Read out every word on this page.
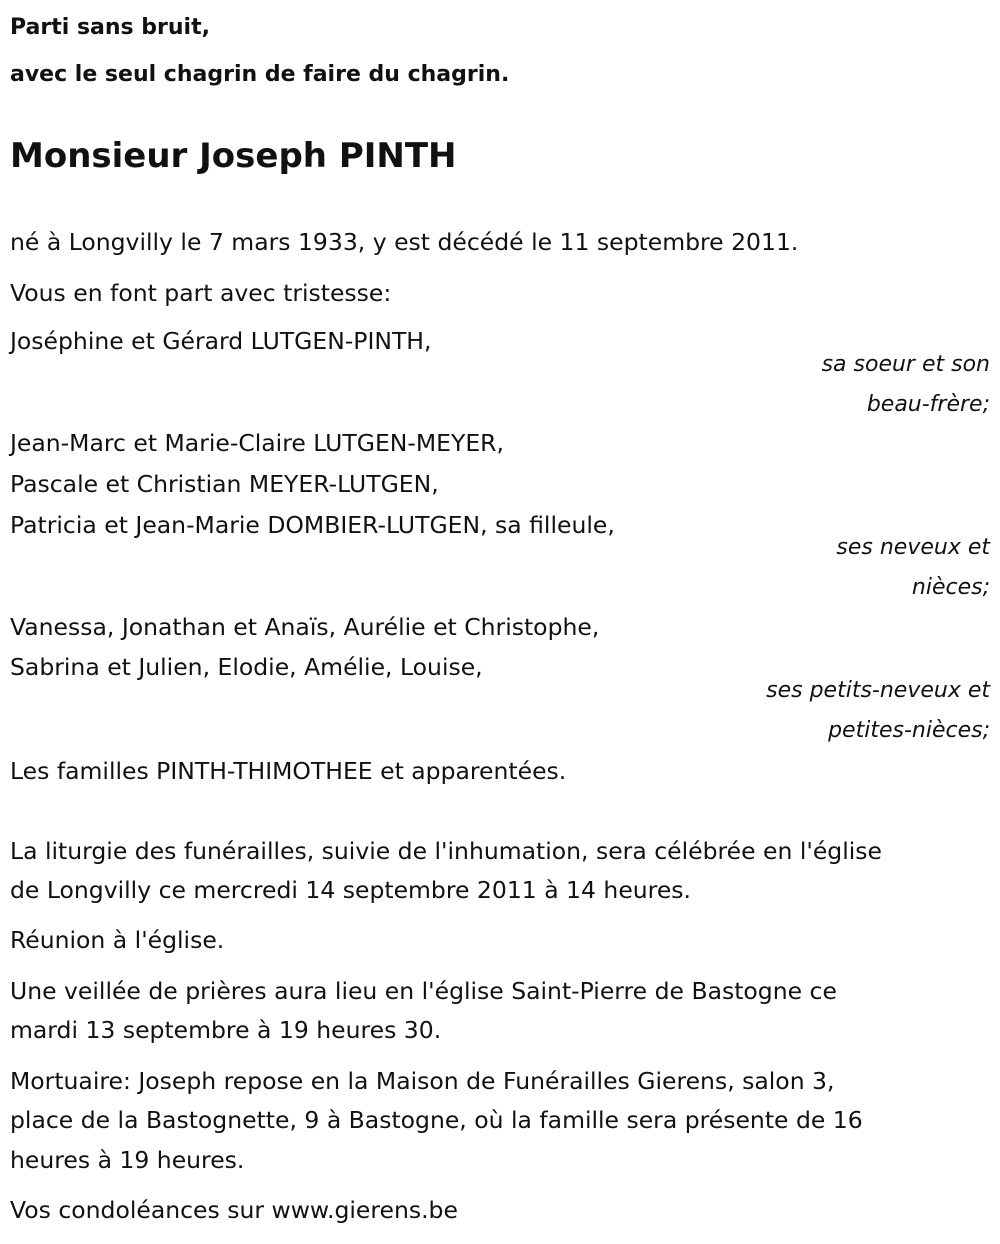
Parti sans bruit,
avec le seul chagrin de faire du chagrin.
Monsieur Joseph PINTH
né à Longvilly le 7 mars 1933, y est décédé le 11 septembre 2011.
Vous en font part avec tristesse:
Joséphine et Gérard LUTGEN-PINTH,
sa soeur et son
beau-frère;
Jean-Marc et Marie-Claire LUTGEN-MEYER,
Pascale et Christian MEYER-LUTGEN,
Patricia et Jean-Marie DOMBIER-LUTGEN, sa filleule,
ses neveux et
nièces;
Vanessa, Jonathan et Anaïs, Aurélie et Christophe,
Sabrina et Julien, Elodie, Amélie, Louise,
ses petits-neveux et
petites-nièces;
Les familles PINTH-THIMOTHEE et apparentées.
La liturgie des funérailles, suivie de l'inhumation, sera célébrée en l'église
de Longvilly ce mercredi 14 septembre 2011 à 14 heures.
Réunion à l'église.
Une veillée de prières aura lieu en l'église Saint-Pierre de Bastogne ce
mardi 13 septembre à 19 heures 30.
Mortuaire: Joseph repose en la Maison de Funérailles Gierens, salon 3,
place de la Bastognette, 9 à Bastogne, où la famille sera présente de 16
heures à 19 heures.
Vos condoléances sur www.gierens.be
